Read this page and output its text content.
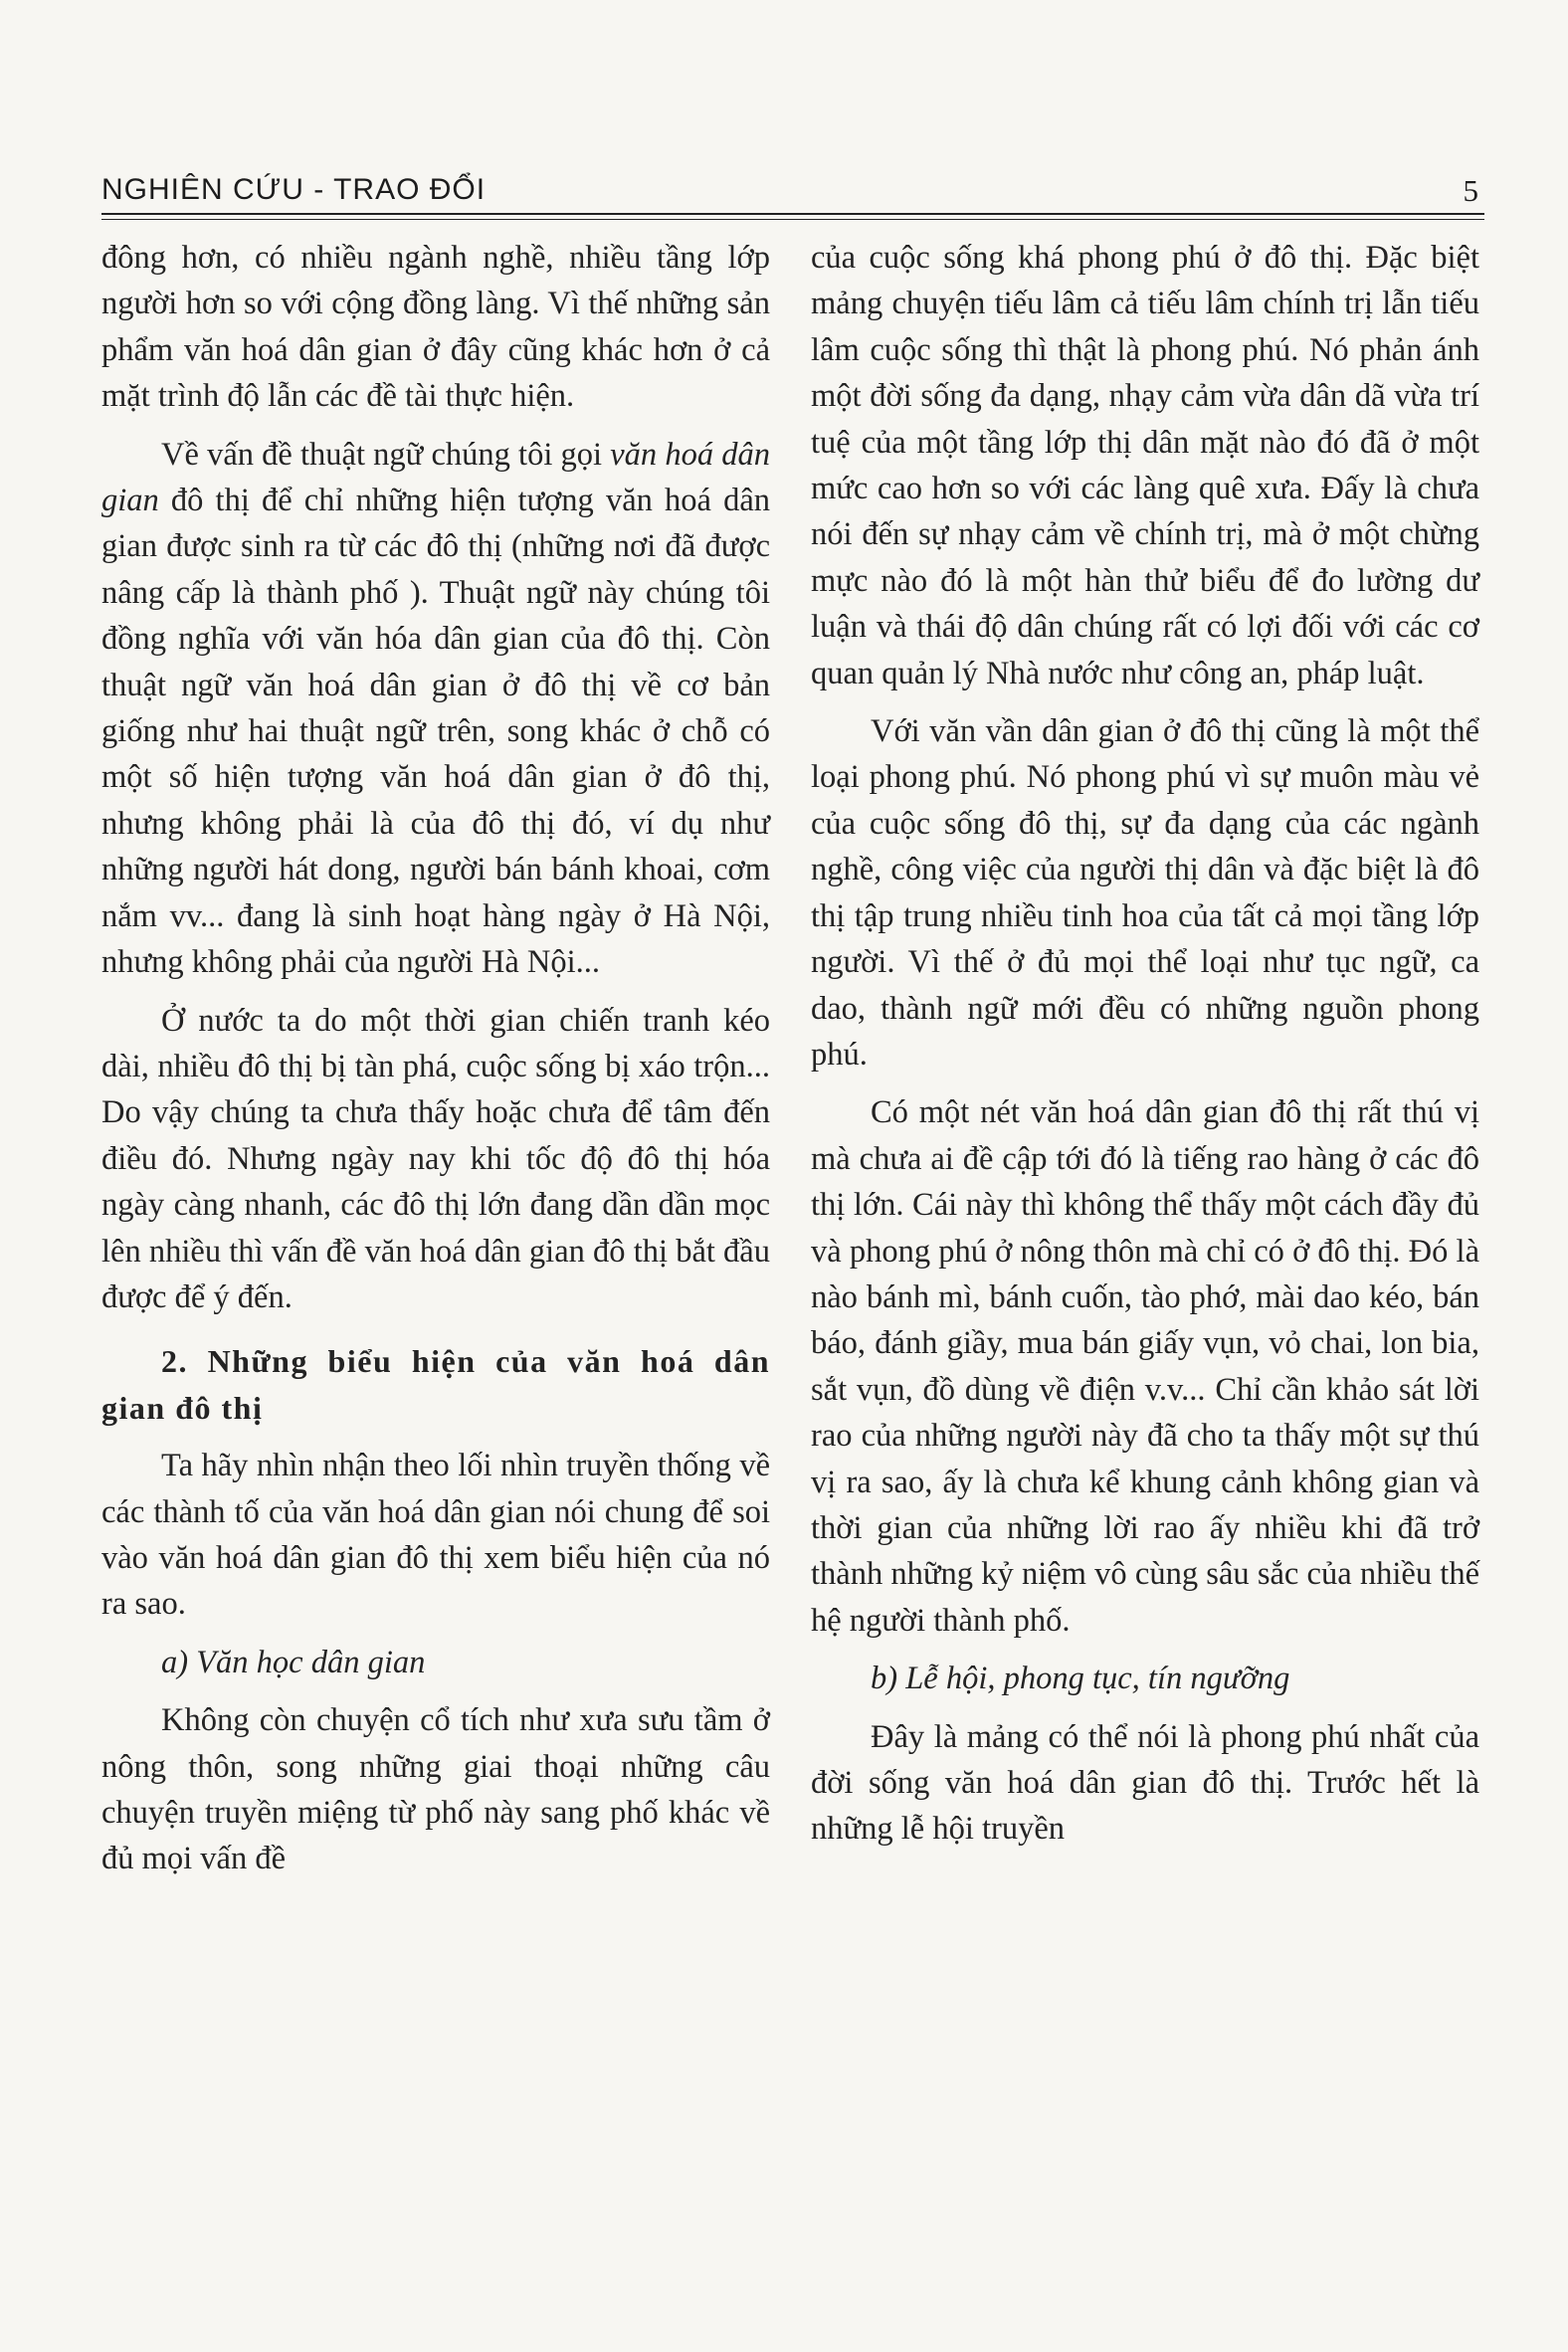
NGHIÊN CỨU - TRAO ĐỔI	5

đông hơn, có nhiều ngành nghề, nhiều tầng lớp người hơn so với cộng đồng làng. Vì thế những sản phẩm văn hoá dân gian ở đây cũng khác hơn ở cả mặt trình độ lẫn các đề tài thực hiện.

Về vấn đề thuật ngữ chúng tôi gọi văn hoá dân gian đô thị để chỉ những hiện tượng văn hoá dân gian được sinh ra từ các đô thị (những nơi đã được nâng cấp là thành phố ). Thuật ngữ này chúng tôi đồng nghĩa với văn hóa dân gian của đô thị. Còn thuật ngữ văn hoá dân gian ở đô thị về cơ bản giống như hai thuật ngữ trên, song khác ở chỗ có một số hiện tượng văn hoá dân gian ở đô thị, nhưng không phải là của đô thị đó, ví dụ như những người hát dong, người bán bánh khoai, cơm nắm vv... đang là sinh hoạt hàng ngày ở Hà Nội, nhưng không phải của người Hà Nội...

Ở nước ta do một thời gian chiến tranh kéo dài, nhiều đô thị bị tàn phá, cuộc sống bị xáo trộn... Do vậy chúng ta chưa thấy hoặc chưa để tâm đến điều đó. Nhưng ngày nay khi tốc độ đô thị hóa ngày càng nhanh, các đô thị lớn đang dần dần mọc lên nhiều thì vấn đề văn hoá dân gian đô thị bắt đầu được để ý đến.

2. Những biểu hiện của văn hoá dân gian đô thị

Ta hãy nhìn nhận theo lối nhìn truyền thống về các thành tố của văn hoá dân gian nói chung để soi vào văn hoá dân gian đô thị xem biểu hiện của nó ra sao.

a) Văn học dân gian

Không còn chuyện cổ tích như xưa sưu tầm ở nông thôn, song những giai thoại những câu chuyện truyền miệng từ phố này sang phố khác về đủ mọi vấn đề

của cuộc sống khá phong phú ở đô thị. Đặc biệt mảng chuyện tiếu lâm cả tiếu lâm chính trị lẫn tiếu lâm cuộc sống thì thật là phong phú. Nó phản ánh một đời sống đa dạng, nhạy cảm vừa dân dã vừa trí tuệ của một tầng lớp thị dân mặt nào đó đã ở một mức cao hơn so với các làng quê xưa. Đấy là chưa nói đến sự nhạy cảm về chính trị, mà ở một chừng mực nào đó là một hàn thử biểu để đo lường dư luận và thái độ dân chúng rất có lợi đối với các cơ quan quản lý Nhà nước như công an, pháp luật.

Với văn vần dân gian ở đô thị cũng là một thể loại phong phú. Nó phong phú vì sự muôn màu vẻ của cuộc sống đô thị, sự đa dạng của các ngành nghề, công việc của người thị dân và đặc biệt là đô thị tập trung nhiều tinh hoa của tất cả mọi tầng lớp người. Vì thế ở đủ mọi thể loại như tục ngữ, ca dao, thành ngữ mới đều có những nguồn phong phú.

Có một nét văn hoá dân gian đô thị rất thú vị mà chưa ai đề cập tới đó là tiếng rao hàng ở các đô thị lớn. Cái này thì không thể thấy một cách đầy đủ và phong phú ở nông thôn mà chỉ có ở đô thị. Đó là nào bánh mì, bánh cuốn, tào phớ, mài dao kéo, bán báo, đánh giầy, mua bán giấy vụn, vỏ chai, lon bia, sắt vụn, đồ dùng về điện v.v... Chỉ cần khảo sát lời rao của những người này đã cho ta thấy một sự thú vị ra sao, ấy là chưa kể khung cảnh không gian và thời gian của những lời rao ấy nhiều khi đã trở thành những kỷ niệm vô cùng sâu sắc của nhiều thế hệ người thành phố.

b) Lễ hội, phong tục, tín ngưỡng

Đây là mảng có thể nói là phong phú nhất của đời sống văn hoá dân gian đô thị. Trước hết là những lễ hội truyền
